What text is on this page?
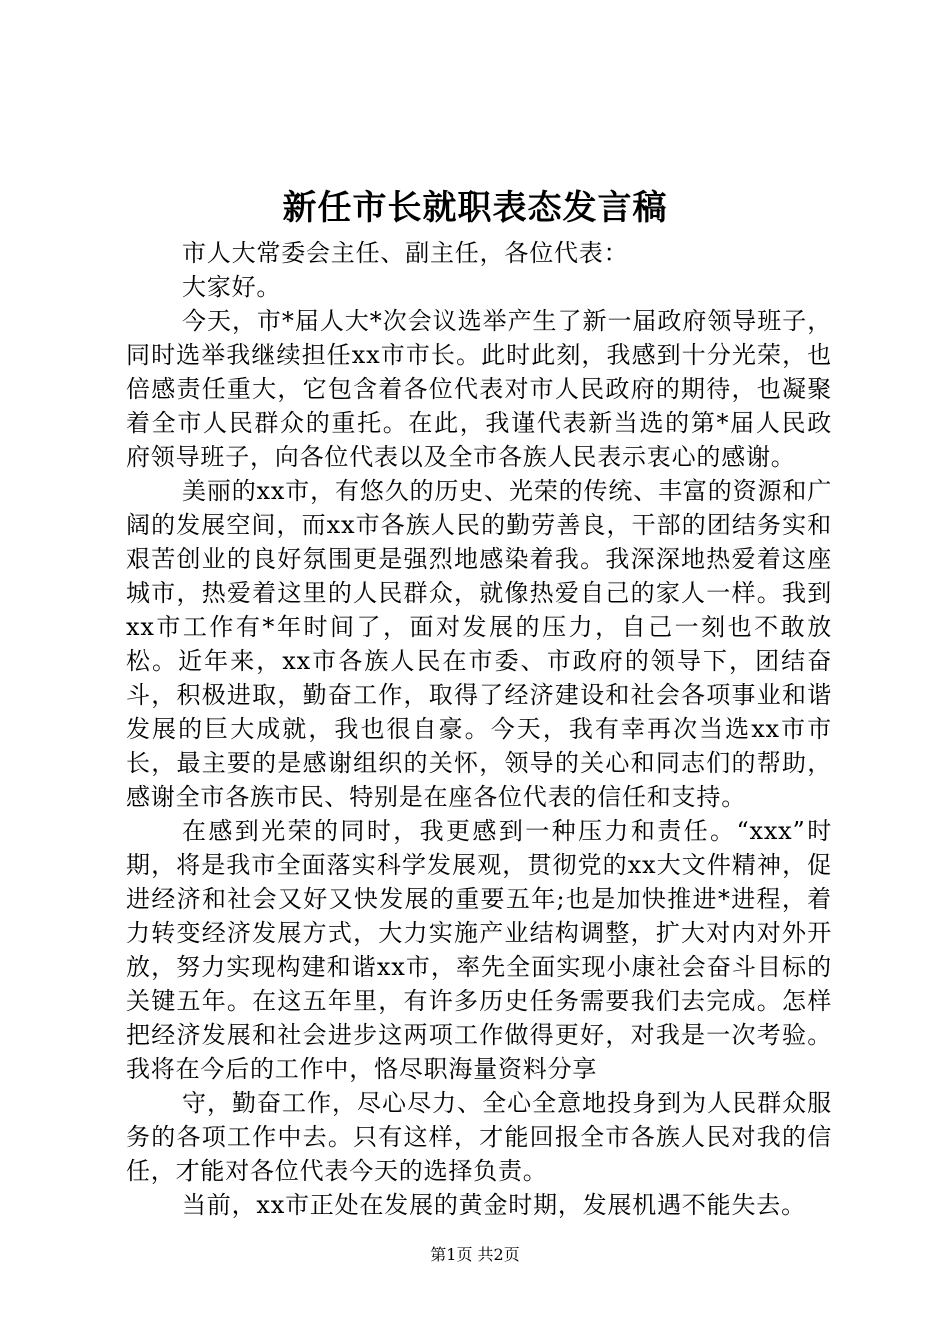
新任市长就职表态发言稿

市人大常委会主任、副主任，各位代表：

大家好。

今天，市*届人大*次会议选举产生了新一届政府领导班子，同时选举我继续担任xx市市长。此时此刻，我感到十分光荣，也倍感责任重大，它包含着各位代表对市人民政府的期待，也凝聚着全市人民群众的重托。在此，我谨代表新当选的第*届人民政府领导班子，向各位代表以及全市各族人民表示衷心的感谢。

美丽的xx市，有悠久的历史、光荣的传统、丰富的资源和广阔的发展空间，而xx市各族人民的勤劳善良，干部的团结务实和艰苦创业的良好氛围更是强烈地感染着我。我深深地热爱着这座城市，热爱着这里的人民群众，就像热爱自己的家人一样。我到xx市工作有*年时间了，面对发展的压力，自己一刻也不敢放松。近年来，xx市各族人民在市委、市政府的领导下，团结奋斗，积极进取，勤奋工作，取得了经济建设和社会各项事业和谐发展的巨大成就，我也很自豪。今天，我有幸再次当选xx市市长，最主要的是感谢组织的关怀，领导的关心和同志们的帮助，感谢全市各族市民、特别是在座各位代表的信任和支持。

在感到光荣的同时，我更感到一种压力和责任。“xxx”时期，将是我市全面落实科学发展观，贯彻党的xx大文件精神，促进经济和社会又好又快发展的重要五年;也是加快推进*进程，着力转变经济发展方式，大力实施产业结构调整，扩大对内对外开放，努力实现构建和谐xx市，率先全面实现小康社会奋斗目标的关键五年。在这五年里，有许多历史任务需要我们去完成。怎样把经济发展和社会进步这两项工作做得更好，对我是一次考验。我将在今后的工作中，恪尽职海量资料分享

守，勤奋工作，尽心尽力、全心全意地投身到为人民群众服务的各项工作中去。只有这样，才能回报全市各族人民对我的信任，才能对各位代表今天的选择负责。

当前，xx市正处在发展的黄金时期，发展机遇不能失去。

第1页 共2页
